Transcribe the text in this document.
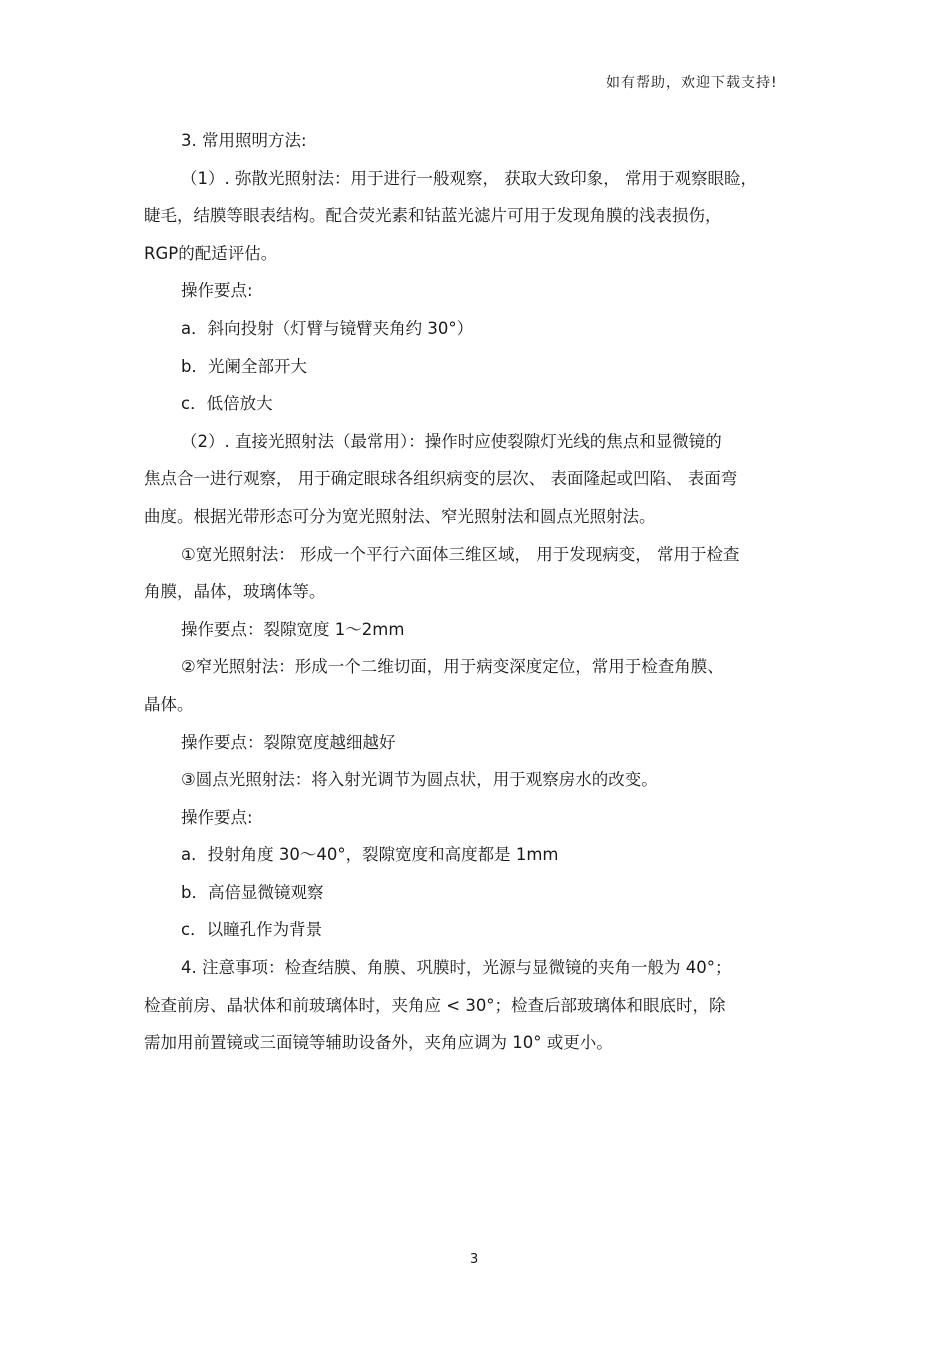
如有帮助，欢迎下载支持!
3. 常用照明方法:
（1）. 弥散光照射法：用于进行一般观察， 获取大致印象， 常用于观察眼睑，
睫毛，结膜等眼表结构。配合荧光素和钴蓝光滤片可用于发现角膜的浅表损伤，
RGP的配适评估。
操作要点:
a．斜向投射（灯臂与镜臂夹角约 30°）
b．光阑全部开大
c．低倍放大
（2）. 直接光照射法（最常用）：操作时应使裂隙灯光线的焦点和显微镜的
焦点合一进行观察， 用于确定眼球各组织病变的层次、 表面隆起或凹陷、 表面弯
曲度。根据光带形态可分为宽光照射法、窄光照射法和圆点光照射法。
①宽光照射法： 形成一个平行六面体三维区域， 用于发现病变， 常用于检查
角膜，晶体，玻璃体等。
操作要点：裂隙宽度 1～2mm
②窄光照射法：形成一个二维切面，用于病变深度定位，常用于检查角膜、
晶体。
操作要点：裂隙宽度越细越好
③圆点光照射法：将入射光调节为圆点状，用于观察房水的改变。
操作要点:
a．投射角度 30～40°，裂隙宽度和高度都是 1mm
b．高倍显微镜观察
c．以瞳孔作为背景
4. 注意事项：检查结膜、角膜、巩膜时，光源与显微镜的夹角一般为 40°；
检查前房、晶状体和前玻璃体时，夹角应 < 30°；检查后部玻璃体和眼底时，除
需加用前置镜或三面镜等辅助设备外，夹角应调为 10° 或更小。
3
